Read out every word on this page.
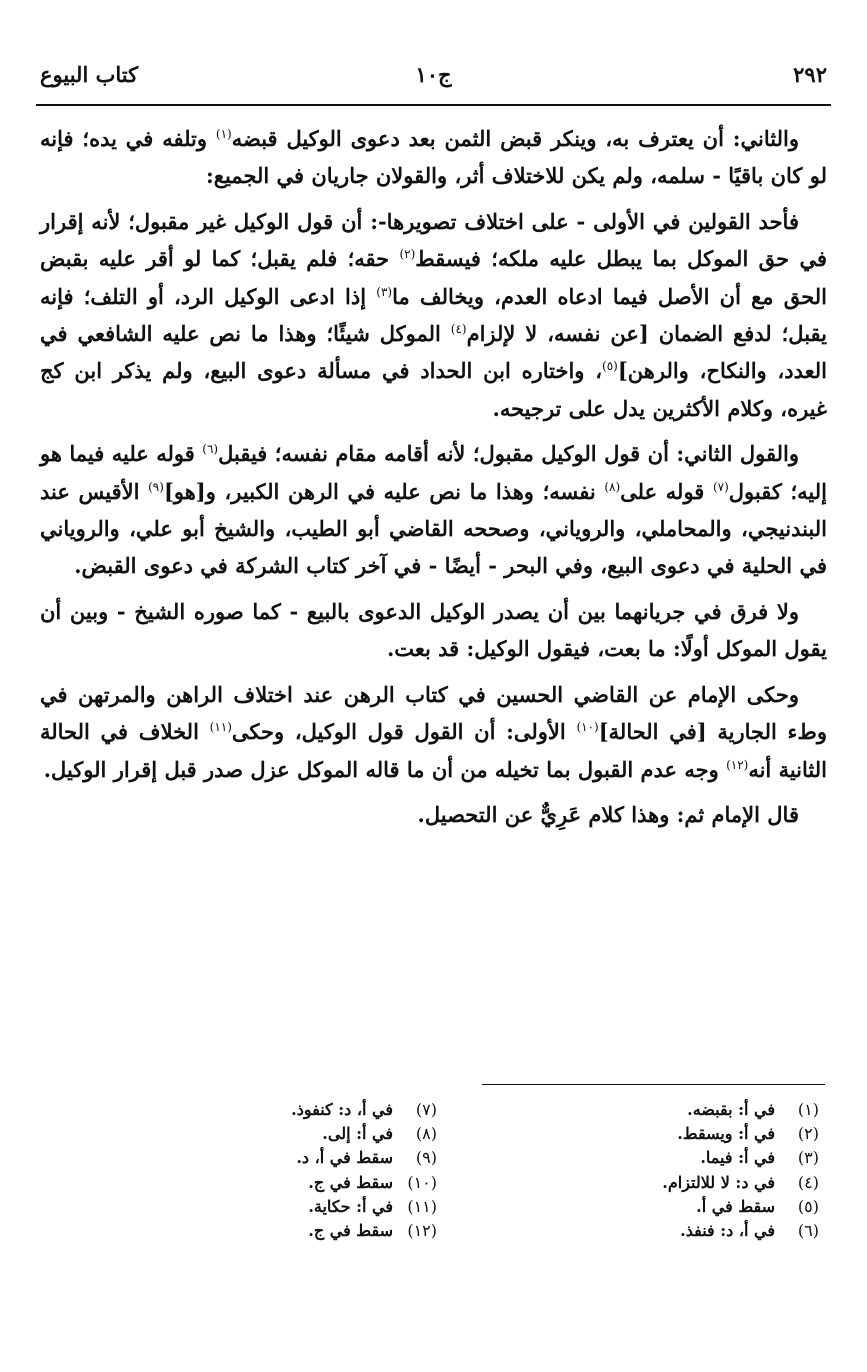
٢٩٢
ج١٠
كتاب البيوع

والثاني: أن يعترف به، وينكر قبض الثمن بعد دعوى الوكيل قبضه$^{(١)}$ وتلفه في يده؛ فإنه لو كان باقيًا - سلمه، ولم يكن للاختلاف أثر، والقولان جاريان في الجميع:

فأحد القولين في الأولى - على اختلاف تصويرها-: أن قول الوكيل غير مقبول؛ لأنه إقرار في حق الموكل بما يبطل عليه ملكه؛ فيسقط$^{(٢)}$ حقه؛ فلم يقبل؛ كما لو أقر عليه بقبض الحق مع أن الأصل فيما ادعاه العدم، ويخالف ما$^{(٣)}$ إذا ادعى الوكيل الرد، أو التلف؛ فإنه يقبل؛ لدفع الضمان [عن نفسه، لا لإلزام$^{(٤)}$ الموكل شيئًا؛ وهذا ما نص عليه الشافعي في العدد، والنكاح، والرهن]$^{(٥)}$، واختاره ابن الحداد في مسألة دعوى البيع، ولم يذكر ابن كج غيره، وكلام الأكثرين يدل على ترجيحه.

والقول الثاني: أن قول الوكيل مقبول؛ لأنه أقامه مقام نفسه؛ فيقبل$^{(٦)}$ قوله عليه فيما هو إليه؛ كقبول$^{(٧)}$ قوله على$^{(٨)}$ نفسه؛ وهذا ما نص عليه في الرهن الكبير، و[هو]$^{(٩)}$ الأقيس عند البندنيجي، والمحاملي، والروياني، وصححه القاضي أبو الطيب، والشيخ أبو علي، والروياني في الحلية في دعوى البيع، وفي البحر - أيضًا - في آخر كتاب الشركة في دعوى القبض.

ولا فرق في جريانهما بين أن يصدر الوكيل الدعوى بالبيع - كما صوره الشيخ - وبين أن يقول الموكل أولًا: ما بعت، فيقول الوكيل: قد بعت.

وحكى الإمام عن القاضي الحسين في كتاب الرهن عند اختلاف الراهن والمرتهن في وطء الجارية [في الحالة]$^{(١٠)}$ الأولى: أن القول قول الوكيل، وحكى$^{(١١)}$ الخلاف في الحالة الثانية أنه$^{(١٢)}$ وجه عدم القبول بما تخيله من أن ما قاله الموكل عزل صدر قبل إقرار الوكيل.

قال الإمام ثم: وهذا كلام عَرِيٌّ عن التحصيل.

(١)في أ: بقبضه.
(٢)في أ: ويسقط.
(٣)في أ: فيما.
(٤)في د: لا للالتزام.
(٥)سقط في أ.
(٦)في أ، د: فنفذ.
(٧)في أ، د: كنفوذ.
(٨)في أ: إلى.
(٩)سقط في أ، د.
(١٠)سقط في ج.
(١١)في أ: حكاية.
(١٢)سقط في ج.
